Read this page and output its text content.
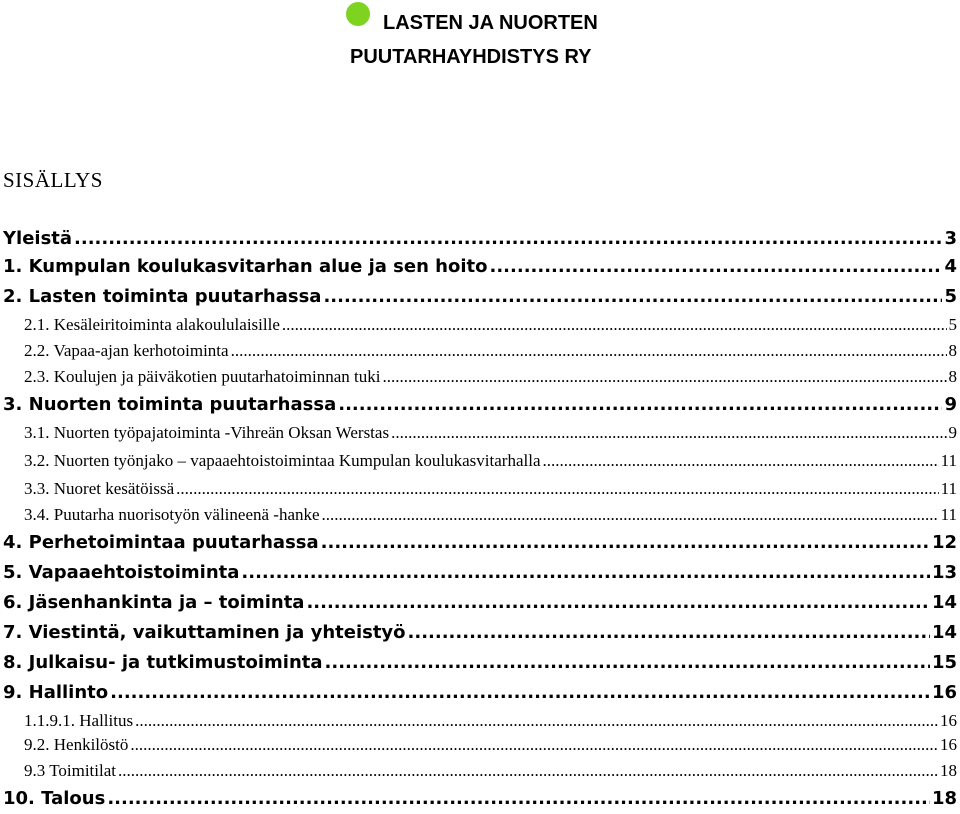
LASTEN JA NUORTEN
PUUTARHAYHDISTYS RY
SISÄLLYS
Yleistä .....	3
1. Kumpulan koulukasvitarhan alue ja sen hoito .....	4
2. Lasten toiminta puutarhassa .....	5
2.1. Kesäleiritoiminta alakoululaisille .....	5
2.2. Vapaa-ajan kerhotoiminta .....	8
2.3. Koulujen ja päiväkotien puutarhatoiminnan tuki .....	8
3. Nuorten toiminta puutarhassa .....	9
3.1. Nuorten työpajatoiminta -Vihreän Oksan Werstas .....	9
3.2. Nuorten työnjako – vapaaehtoistoimintaa Kumpulan koulukasvitarhalla .....	11
3.3. Nuoret kesätöissä .....	11
3.4. Puutarha nuorisotyön välineenä -hanke .....	11
4. Perhetoimintaa puutarhassa .....	12
5. Vapaaehtoistoiminta .....	13
6. Jäsenhankinta ja – toiminta .....	14
7. Viestintä, vaikuttaminen ja yhteistyö .....	14
8. Julkaisu- ja tutkimustoiminta .....	15
9. Hallinto .....	16
1.1.9.1. Hallitus .....	16
9.2. Henkilöstö .....	16
9.3 Toimitilat .....	18
10. Talous .....	18
